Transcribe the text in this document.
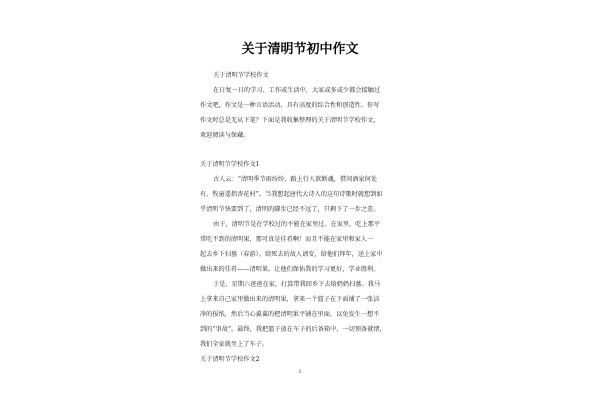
关于清明节初中作文

关于清明节学校作文

在日复一日的学习、工作或生活中，大家或多或少都会接触过

作文吧，作文是一种言语活动，具有高度的综合性和创造性。你写

作文时总是无从下笔？下面是我收集整理的关于清明节学校作文，

欢迎阅读与保藏。

关于清明节学校作文1

古人云：“清明季节雨纷纷，路上行人欲断魂，借问酒家何处

有，牧童遥指杏花村”。当我想起唐代大诗人的这句诗歌时就想到如

乎清明节快要到了，清明的脚步已经不远了，只剩下了一步之差。

由于，清明节是在学校过的不能在家里过。在家里，吃上那平

常吃不到的清明果，那可真是佳肴啊！而且不能在家里和家人一

起去乡下扫墓（春游）。给死去的故人请安，给他们拜年，送上家中

做出来的佳肴——清明果。让他们保佑我的学习更好，学业胜利。

于是，星期六爸爸在家，打算带我回乡下去给奶奶扫墓。我马

上拿来自己家里做出来的清明果，拿来一个篮子在下面铺了一张洁

净的报纸，然后当心翼翼的把清明果平铺在里面，以免发生一想不

到的“事故”。最终，我把篮子放在车子的后备箱中，一切预备就绪，

我们全家就坐上了车子。

关于清明节学校作文2

1
